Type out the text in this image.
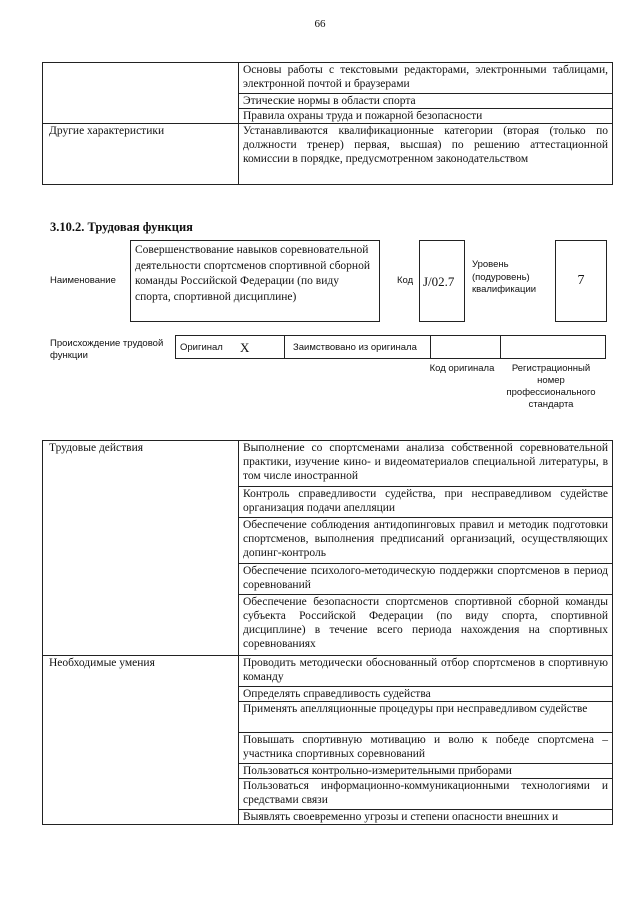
66
	Основы работы с текстовыми редакторами, электронными таблицами, электронной почтой и браузерами
	Этические нормы в области спорта
	Правила охраны труда и пожарной безопасности
Другие характеристики	Устанавливаются квалификационные категории (вторая (только по должности тренер) первая, высшая) по решению аттестационной комиссии в порядке, предусмотренном законодательством
3.10.2. Трудовая функция
Наименование
Совершенствование навыков соревновательной деятельности спортсменов спортивной сборной команды Российской Федерации (по виду спорта, спортивной дисциплине)
Код J/02.7
Уровень (подуровень) квалификации
7
Происхождение трудовой функции
Оригинал X	Заимствовано из оригинала
Код оригинала	Регистрационный номер профессионального стандарта
Трудовые действия	Выполнение со спортсменами анализа собственной соревновательной практики, изучение кино- и видеоматериалов специальной литературы, в том числе иностранной
	Контроль справедливости судейства, при несправедливом судействе организация подачи апелляции
	Обеспечение соблюдения антидопинговых правил и методик подготовки спортсменов, выполнения предписаний организаций, осуществляющих допинг-контроль
	Обеспечение психолого-методическую поддержки спортсменов в период соревнований
	Обеспечение безопасности спортсменов спортивной сборной команды субъекта Российской Федерации (по виду спорта, спортивной дисциплине) в течение всего периода нахождения на спортивных соревнованиях
Необходимые умения	Проводить методически обоснованный отбор спортсменов в спортивную команду
	Определять справедливость судейства
	Применять апелляционные процедуры при несправедливом судействе
	Повышать спортивную мотивацию и волю к победе спортсмена – участника спортивных соревнований
	Пользоваться контрольно-измерительными приборами
	Пользоваться информационно-коммуникационными технологиями и средствами связи
	Выявлять своевременно угрозы и степени опасности внешних и
